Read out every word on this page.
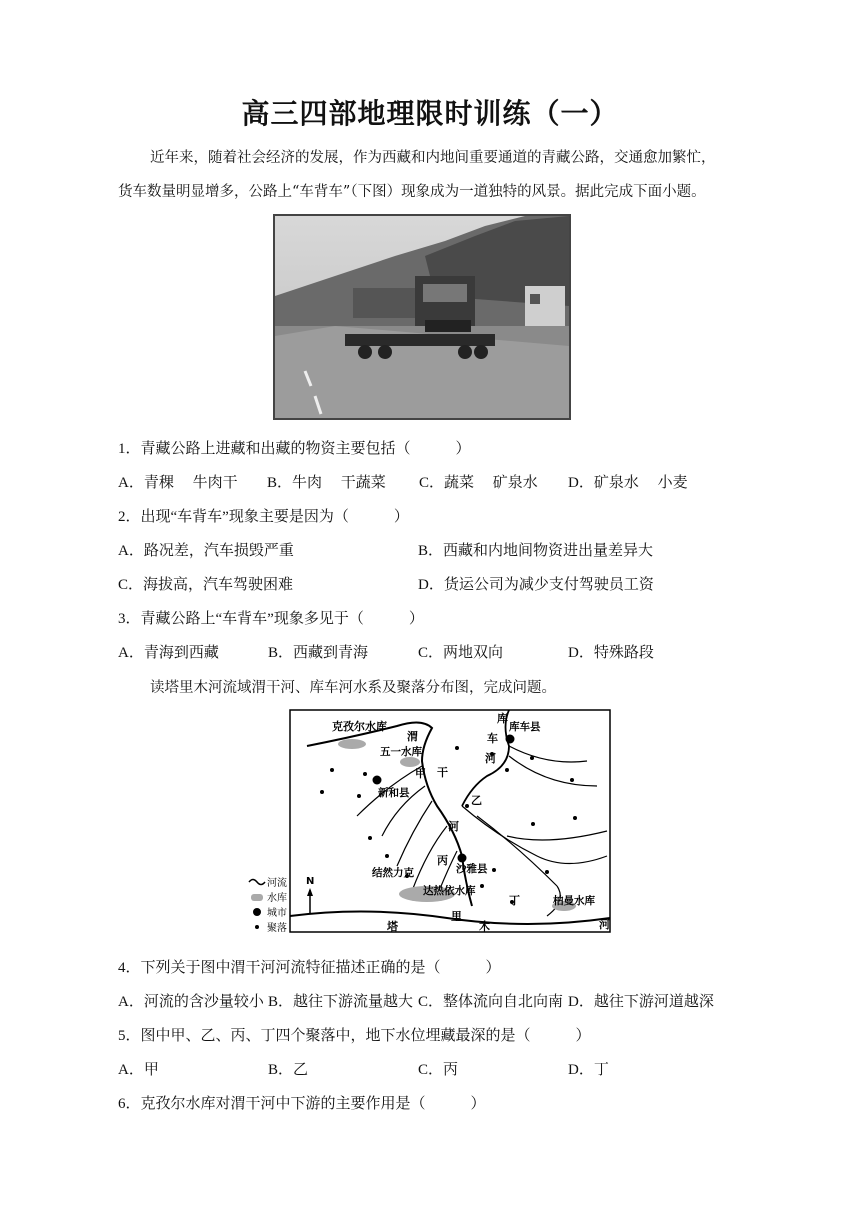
高三四部地理限时训练（一）
近年来，随着社会经济的发展，作为西藏和内地间重要通道的青藏公路，交通愈加繁忙，
货车数量明显增多，公路上“车背车”（下图）现象成为一道独特的风景。据此完成下面小题。
1．青藏公路上进藏和出藏的物资主要包括（　　　）
A．青稞　 牛肉干 B．牛肉　 干蔬菜 C．蔬菜　 矿泉水 D．矿泉水　 小麦
2．出现“车背车”现象主要是因为（　　　）
A．路况差，汽车损毁严重	B．西藏和内地间物资进出量差异大
C．海拔高，汽车驾驶困难	D．货运公司为减少支付驾驶员工资
3．青藏公路上“车背车”现象多见于（　　　）
A．青海到西藏	B．西藏到青海	C．两地双向	D．特殊路段
读塔里木河流域渭干河、库车河水系及聚落分布图，完成问题。
河流
水库
城市
聚落
N
克孜尔水库
渭
五一水库
甲 干
新和县
乙
河
丙
沙雅县
结然力克
达热依水库
丁	柏曼水库
库
库车县
车
河
塔
里
木	河
4．下列关于图中渭干河河流特征描述正确的是（　　　）
A．河流的含沙量较小 B．越往下游流量越大 C．整体流向自北向南 D．越往下游河道越深
5．图中甲、乙、丙、丁四个聚落中，地下水位埋藏最深的是（　　　）
A．甲	B．乙	C．丙	D．丁
6．克孜尔水库对渭干河中下游的主要作用是（　　　）
